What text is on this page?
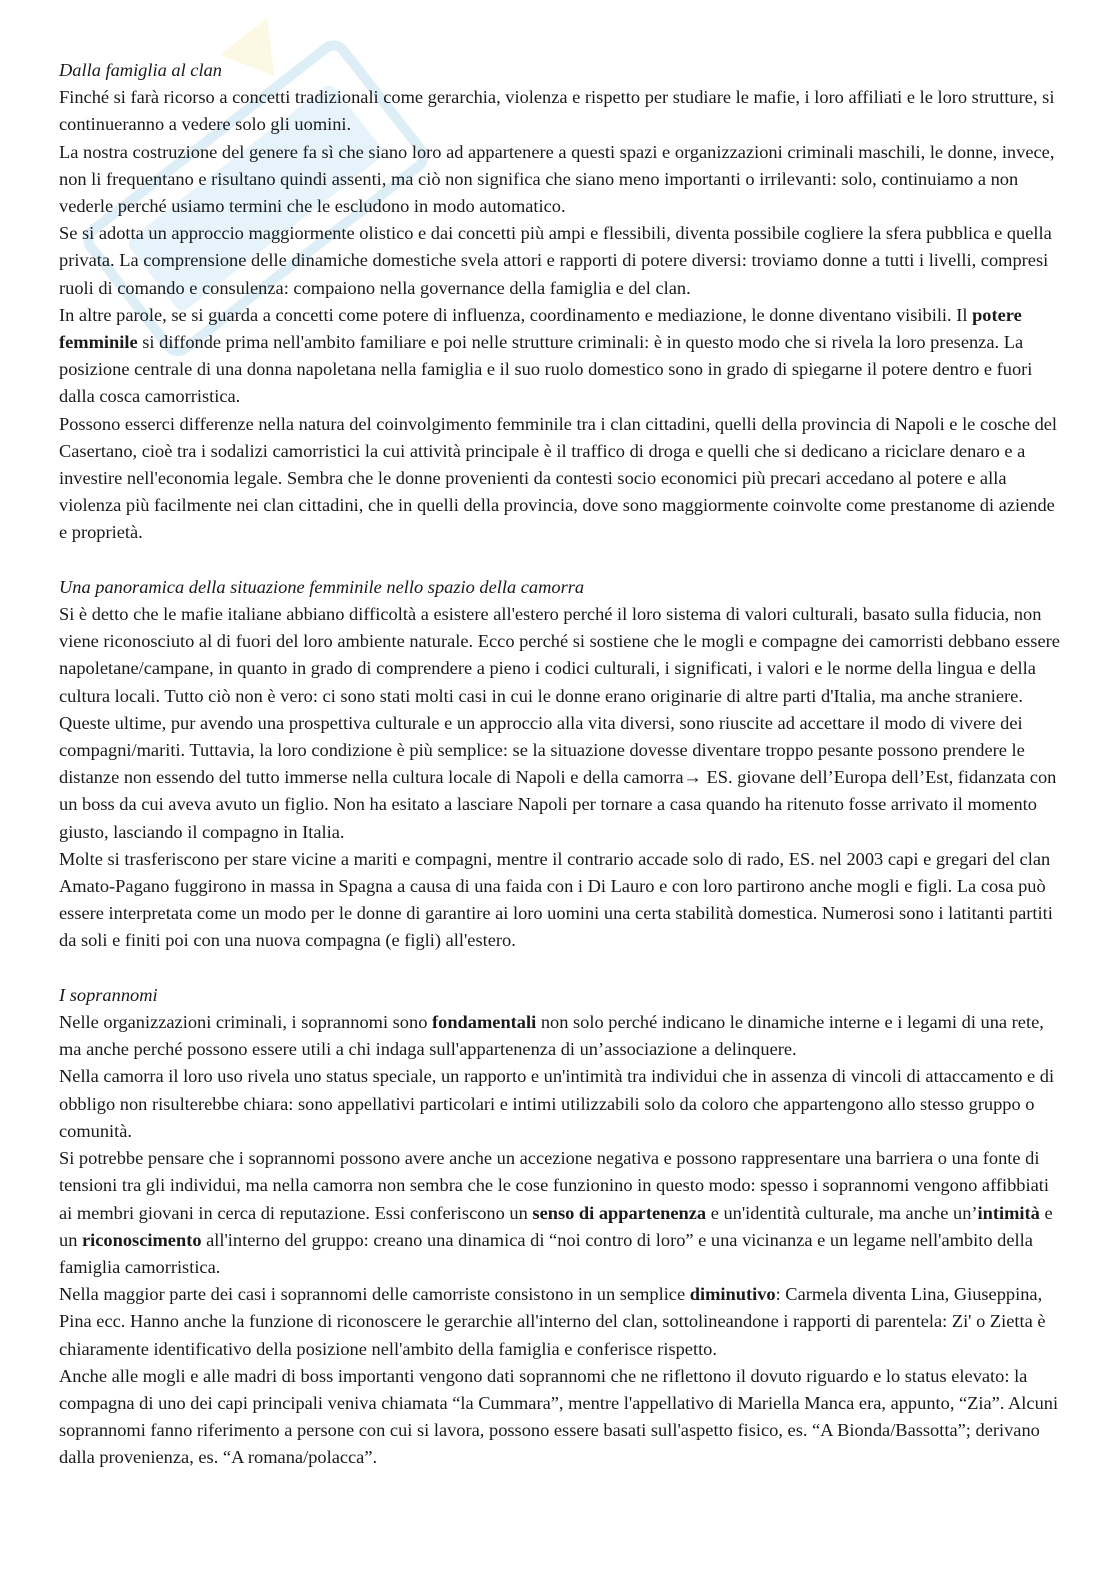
Dalla famiglia al clan

Finché si farà ricorso a concetti tradizionali come gerarchia, violenza e rispetto per studiare le mafie, i loro affiliati e le loro strutture, si continueranno a vedere solo gli uomini.

La nostra costruzione del genere fa sì che siano loro ad appartenere a questi spazi e organizzazioni criminali maschili, le donne, invece, non li frequentano e risultano quindi assenti, ma ciò non significa che siano meno importanti o irrilevanti: solo, continuiamo a non vederle perché usiamo termini che le escludono in modo automatico.

Se si adotta un approccio maggiormente olistico e dai concetti più ampi e flessibili, diventa possibile cogliere la sfera pubblica e quella privata. La comprensione delle dinamiche domestiche svela attori e rapporti di potere diversi: troviamo donne a tutti i livelli, compresi ruoli di comando e consulenza: compaiono nella governance della famiglia e del clan.

In altre parole, se si guarda a concetti come potere di influenza, coordinamento e mediazione, le donne diventano visibili. Il potere femminile si diffonde prima nell'ambito familiare e poi nelle strutture criminali: è in questo modo che si rivela la loro presenza. La posizione centrale di una donna napoletana nella famiglia e il suo ruolo domestico sono in grado di spiegarne il potere dentro e fuori dalla cosca camorristica.

Possono esserci differenze nella natura del coinvolgimento femminile tra i clan cittadini, quelli della provincia di Napoli e le cosche del Casertano, cioè tra i sodalizi camorristici la cui attività principale è il traffico di droga e quelli che si dedicano a riciclare denaro e a investire nell'economia legale. Sembra che le donne provenienti da contesti socio economici più precari accedano al potere e alla violenza più facilmente nei clan cittadini, che in quelli della provincia, dove sono maggiormente coinvolte come prestanome di aziende e proprietà.

Una panoramica della situazione femminile nello spazio della camorra

Si è detto che le mafie italiane abbiano difficoltà a esistere all'estero perché il loro sistema di valori culturali, basato sulla fiducia, non viene riconosciuto al di fuori del loro ambiente naturale. Ecco perché si sostiene che le mogli e compagne dei camorristi debbano essere napoletane/campane, in quanto in grado di comprendere a pieno i codici culturali, i significati, i valori e le norme della lingua e della cultura locali. Tutto ciò non è vero: ci sono stati molti casi in cui le donne erano originarie di altre parti d'Italia, ma anche straniere. Queste ultime, pur avendo una prospettiva culturale e un approccio alla vita diversi, sono riuscite ad accettare il modo di vivere dei compagni/mariti. Tuttavia, la loro condizione è più semplice: se la situazione dovesse diventare troppo pesante possono prendere le distanze non essendo del tutto immerse nella cultura locale di Napoli e della camorra→ ES. giovane dell’Europa dell’Est, fidanzata con un boss da cui aveva avuto un figlio. Non ha esitato a lasciare Napoli per tornare a casa quando ha ritenuto fosse arrivato il momento giusto, lasciando il compagno in Italia.

Molte si trasferiscono per stare vicine a mariti e compagni, mentre il contrario accade solo di rado, ES. nel 2003 capi e gregari del clan Amato-Pagano fuggirono in massa in Spagna a causa di una faida con i Di Lauro e con loro partirono anche mogli e figli. La cosa può essere interpretata come un modo per le donne di garantire ai loro uomini una certa stabilità domestica. Numerosi sono i latitanti partiti da soli e finiti poi con una nuova compagna (e figli) all'estero.

I soprannomi

Nelle organizzazioni criminali, i soprannomi sono fondamentali non solo perché indicano le dinamiche interne e i legami di una rete, ma anche perché possono essere utili a chi indaga sull'appartenenza di un’associazione a delinquere.

Nella camorra il loro uso rivela uno status speciale, un rapporto e un'intimità tra individui che in assenza di vincoli di attaccamento e di obbligo non risulterebbe chiara: sono appellativi particolari e intimi utilizzabili solo da coloro che appartengono allo stesso gruppo o comunità.

Si potrebbe pensare che i soprannomi possono avere anche un accezione negativa e possono rappresentare una barriera o una fonte di tensioni tra gli individui, ma nella camorra non sembra che le cose funzionino in questo modo: spesso i soprannomi vengono affibbiati ai membri giovani in cerca di reputazione. Essi conferiscono un senso di appartenenza e un'identità culturale, ma anche un’intimità e un riconoscimento all'interno del gruppo: creano una dinamica di “noi contro di loro” e una vicinanza e un legame nell'ambito della famiglia camorristica.

Nella maggior parte dei casi i soprannomi delle camorriste consistono in un semplice diminutivo: Carmela diventa Lina, Giuseppina, Pina ecc. Hanno anche la funzione di riconoscere le gerarchie all'interno del clan, sottolineandone i rapporti di parentela: Zi' o Zietta è chiaramente identificativo della posizione nell'ambito della famiglia e conferisce rispetto.

Anche alle mogli e alle madri di boss importanti vengono dati soprannomi che ne riflettono il dovuto riguardo e lo status elevato: la compagna di uno dei capi principali veniva chiamata “la Cummara”, mentre l'appellativo di Mariella Manca era, appunto, “Zia”. Alcuni soprannomi fanno riferimento a persone con cui si lavora, possono essere basati sull'aspetto fisico, es. “A Bionda/Bassotta”; derivano dalla provenienza, es. “A romana/polacca”.
